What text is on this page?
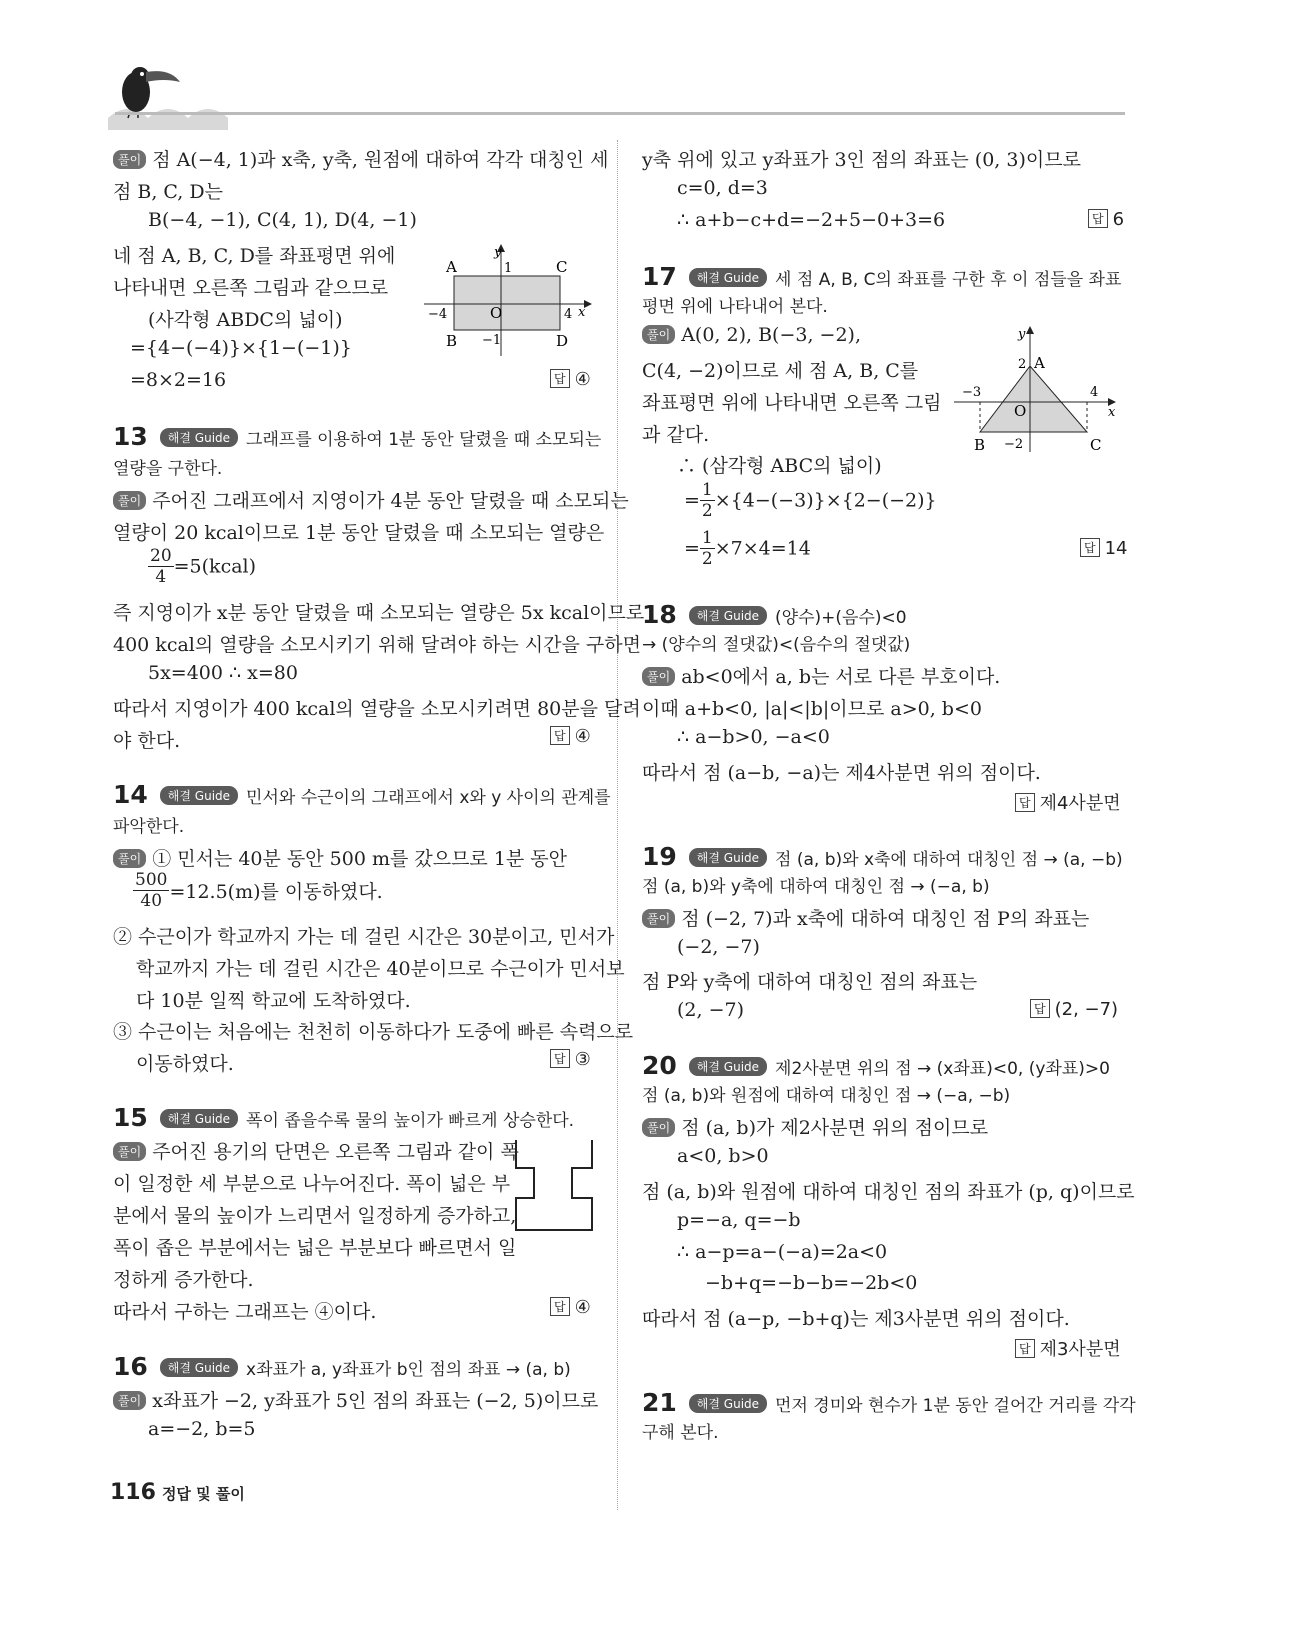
풀이 점 A(−4, 1)과 x축, y축, 원점에 대하여 각각 대칭인 세
점 B, C, D는
B(−4, −1), C(4, 1), D(4, −1)
네 점 A, B, C, D를 좌표평면 위에
나타내면 오른쪽 그림과 같으므로
(사각형 ABDC의 넓이)
={4−(−4)}×{1−(−1)}
=8×2=16	답 ④
y
x
A	C
B	D
O
1
−1
4
−4
13 해결 Guide 그래프를 이용하여 1분 동안 달렸을 때 소모되는
열량을 구한다.
풀이 주어진 그래프에서 지영이가 4분 동안 달렸을 때 소모되는
열량이 20 kcal이므로 1분 동안 달렸을 때 소모되는 열량은
$\frac{20}{4}$ =5(kcal)
즉 지영이가 x분 동안 달렸을 때 소모되는 열량은 5x kcal이므로
400 kcal의 열량을 소모시키기 위해 달려야 하는 시간을 구하면
5x=400 ∴ x=80
따라서 지영이가 400 kcal의 열량을 소모시키려면 80분을 달려
야 한다.	답 ④
14 해결 Guide 민서와 수근이의 그래프에서 x와 y 사이의 관계를
파악한다.
풀이 ① 민서는 40분 동안 500 m를 갔으므로 1분 동안
$\frac{500}{40} =12.5(m)$를 이동하였다.
② 수근이가 학교까지 가는 데 걸린 시간은 30분이고, 민서가
학교까지 가는 데 걸린 시간은 40분이므로 수근이가 민서보
다 10분 일찍 학교에 도착하였다.
③ 수근이는 처음에는 천천히 이동하다가 도중에 빠른 속력으로
이동하였다.	답 ③
15 해결 Guide 폭이 좁을수록 물의 높이가 빠르게 상승한다.
풀이 주어진 용기의 단면은 오른쪽 그림과 같이 폭
이 일정한 세 부분으로 나누어진다. 폭이 넓은 부
분에서 물의 높이가 느리면서 일정하게 증가하고,
폭이 좁은 부분에서는 넓은 부분보다 빠르면서 일
정하게 증가한다.
따라서 구하는 그래프는 ④이다.	답 ④
16 해결 Guide x좌표가 a, y좌표가 b인 점의 좌표 → (a, b)
풀이 x좌표가 −2, y좌표가 5인 점의 좌표는 (−2, 5)이므로
a=−2, b=5
y축 위에 있고 y좌표가 3인 점의 좌표는 (0, 3)이므로
c=0, d=3
∴ a+b−c+d=−2+5−0+3=6	답 6
17 해결 Guide 세 점 A, B, C의 좌표를 구한 후 이 점들을 좌표
평면 위에 나타내어 본다.
풀이 A(0, 2), B(−3, −2),
C(4, −2)이므로 세 점 A, B, C를
좌표평면 위에 나타내면 오른쪽 그림
과 같다.
∴ (삼각형 ABC의 넓이)
= $\frac{1}{2} \times\{4-(-3)\}\times\{2-(-2)\}$
= $\frac{1}{2} \times 7\times 4=14$	답 14
y
x
A
B	C
O
2
−2
4
−3
18 해결 Guide (양수)+(음수)<0
→ (양수의 절댓값)<(음수의 절댓값)
풀이 ab<0에서 a, b는 서로 다른 부호이다.
이때 a+b<0, |a|<|b|이므로 a>0, b<0
∴ a−b>0, −a<0
따라서 점 (a−b, −a)는 제4사분면 위의 점이다.
답 제4사분면
19 해결 Guide 점 (a, b)와 x축에 대하여 대칭인 점 → (a, −b)
점 (a, b)와 y축에 대하여 대칭인 점 → (−a, b)
풀이 점 (−2, 7)과 x축에 대하여 대칭인 점 P의 좌표는
(−2, −7)
점 P와 y축에 대하여 대칭인 점의 좌표는
(2, −7)	답 (2, −7)
20 해결 Guide 제2사분면 위의 점 → (x좌표)<0, (y좌표)>0
점 (a, b)와 원점에 대하여 대칭인 점 → (−a, −b)
풀이 점 (a, b)가 제2사분면 위의 점이므로
a<0, b>0
점 (a, b)와 원점에 대하여 대칭인 점의 좌표가 (p, q)이므로
p=−a, q=−b
∴ a−p=a−(−a)=2a<0
−b+q=−b−b=−2b<0
따라서 점 (a−p, −b+q)는 제3사분면 위의 점이다.
답 제3사분면
21 해결 Guide 먼저 경미와 현수가 1분 동안 걸어간 거리를 각각
구해 본다.
116 정답 및 풀이
